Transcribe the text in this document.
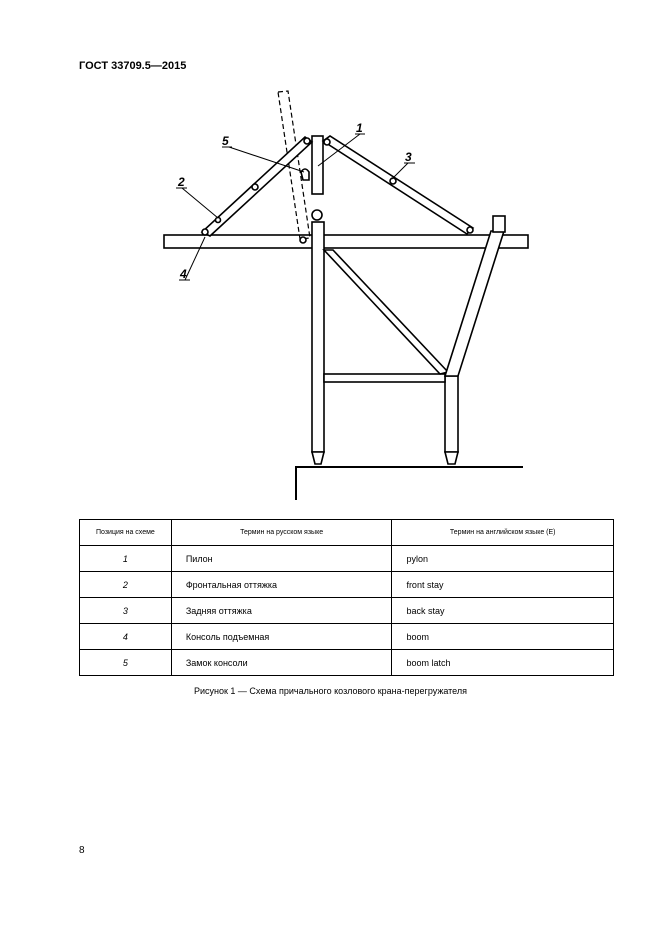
ГОСТ 33709.5—2015
1
2
3
4
5
Позиция на схеме	Термин на русском языке	Термин на английском языке (E)
1	Пилон	pylon
2	Фронтальная оттяжка	front stay
3	Задняя оттяжка	back stay
4	Консоль подъемная	boom
5	Замок консоли	boom latch
Рисунок 1 — Схема причального козлового крана-перегружателя
8
